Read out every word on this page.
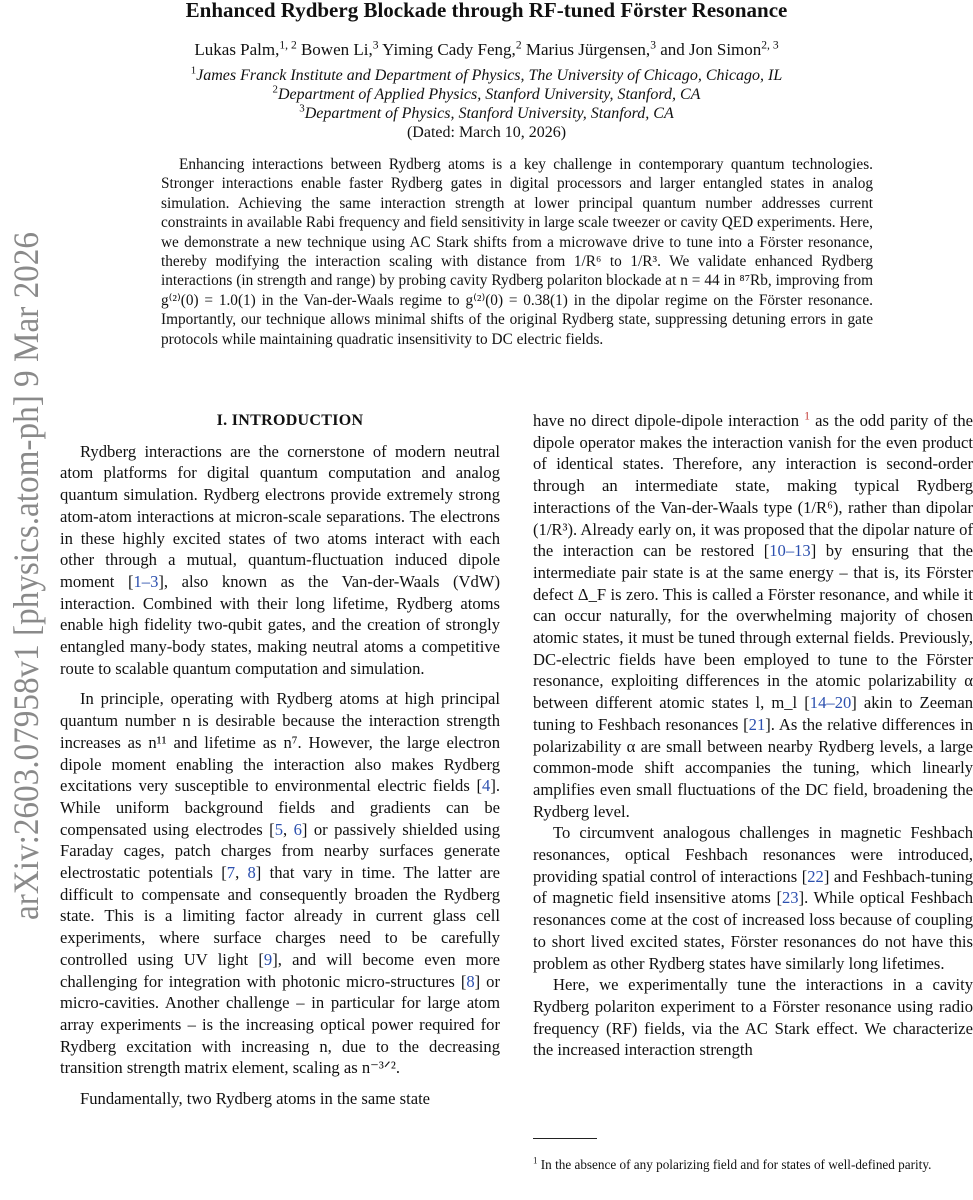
arXiv:2603.07958v1 [physics.atom-ph] 9 Mar 2026
Enhanced Rydberg Blockade through RF-tuned Förster Resonance
Lukas Palm,$^{1, 2}$ Bowen Li,$^3$ Yiming Cady Feng,$^2$ Marius Jürgensen,$^3$ and Jon Simon$^{2, 3}$
$^1$James Franck Institute and Department of Physics, The University of Chicago, Chicago, IL
$^2$Department of Applied Physics, Stanford University, Stanford, CA
$^3$Department of Physics, Stanford University, Stanford, CA
(Dated: March 10, 2026)
Enhancing interactions between Rydberg atoms is a key challenge in contemporary quantum technologies. Stronger interactions enable faster Rydberg gates in digital processors and larger entangled states in analog simulation. Achieving the same interaction strength at lower principal quantum number addresses current constraints in available Rabi frequency and field sensitivity in large scale tweezer or cavity QED experiments. Here, we demonstrate a new technique using AC Stark shifts from a microwave drive to tune into a Förster resonance, thereby modifying the interaction scaling with distance from 1/R⁶ to 1/R³. We validate enhanced Rydberg interactions (in strength and range) by probing cavity Rydberg polariton blockade at n = 44 in ⁸⁷Rb, improving from g⁽²⁾(0) = 1.0(1) in the Van-der-Waals regime to g⁽²⁾(0) = 0.38(1) in the dipolar regime on the Förster resonance. Importantly, our technique allows minimal shifts of the original Rydberg state, suppressing detuning errors in gate protocols while maintaining quadratic insensitivity to DC electric fields.

I. INTRODUCTION

Rydberg interactions are the cornerstone of modern neutral atom platforms for digital quantum computation and analog quantum simulation. Rydberg electrons provide extremely strong atom-atom interactions at micron-scale separations. The electrons in these highly excited states of two atoms interact with each other through a mutual, quantum-fluctuation induced dipole moment [1–3], also known as the Van-der-Waals (VdW) interaction. Combined with their long lifetime, Rydberg atoms enable high fidelity two-qubit gates, and the creation of strongly entangled many-body states, making neutral atoms a competitive route to scalable quantum computation and simulation.

In principle, operating with Rydberg atoms at high principal quantum number n is desirable because the interaction strength increases as n¹¹ and lifetime as n⁷. However, the large electron dipole moment enabling the interaction also makes Rydberg excitations very susceptible to environmental electric fields [4]. While uniform background fields and gradients can be compensated using electrodes [5, 6] or passively shielded using Faraday cages, patch charges from nearby surfaces generate electrostatic potentials [7, 8] that vary in time. The latter are difficult to compensate and consequently broaden the Rydberg state. This is a limiting factor already in current glass cell experiments, where surface charges need to be carefully controlled using UV light [9], and will become even more challenging for integration with photonic micro-structures [8] or micro-cavities. Another challenge – in particular for large atom array experiments – is the increasing optical power required for Rydberg excitation with increasing n, due to the decreasing transition strength matrix element, scaling as n⁻³ᐟ².

Fundamentally, two Rydberg atoms in the same state

have no direct dipole-dipole interaction $^1$ as the odd parity of the dipole operator makes the interaction vanish for the even product of identical states. Therefore, any interaction is second-order through an intermediate state, making typical Rydberg interactions of the Van-der-Waals type (1/R⁶), rather than dipolar (1/R³). Already early on, it was proposed that the dipolar nature of the interaction can be restored [10–13] by ensuring that the intermediate pair state is at the same energy – that is, its Förster defect Δ_F is zero. This is called a Förster resonance, and while it can occur naturally, for the overwhelming majority of chosen atomic states, it must be tuned through external fields. Previously, DC-electric fields have been employed to tune to the Förster resonance, exploiting differences in the atomic polarizability α between different atomic states l, m_l [14–20] akin to Zeeman tuning to Feshbach resonances [21]. As the relative differences in polarizability α are small between nearby Rydberg levels, a large common-mode shift accompanies the tuning, which linearly amplifies even small fluctuations of the DC field, broadening the Rydberg level.

To circumvent analogous challenges in magnetic Feshbach resonances, optical Feshbach resonances were introduced, providing spatial control of interactions [22] and Feshbach-tuning of magnetic field insensitive atoms [23]. While optical Feshbach resonances come at the cost of increased loss because of coupling to short lived excited states, Förster resonances do not have this problem as other Rydberg states have similarly long lifetimes.

Here, we experimentally tune the interactions in a cavity Rydberg polariton experiment to a Förster resonance using radio frequency (RF) fields, via the AC Stark effect. We characterize the increased interaction strength

$^1$ In the absence of any polarizing field and for states of well-defined parity.
